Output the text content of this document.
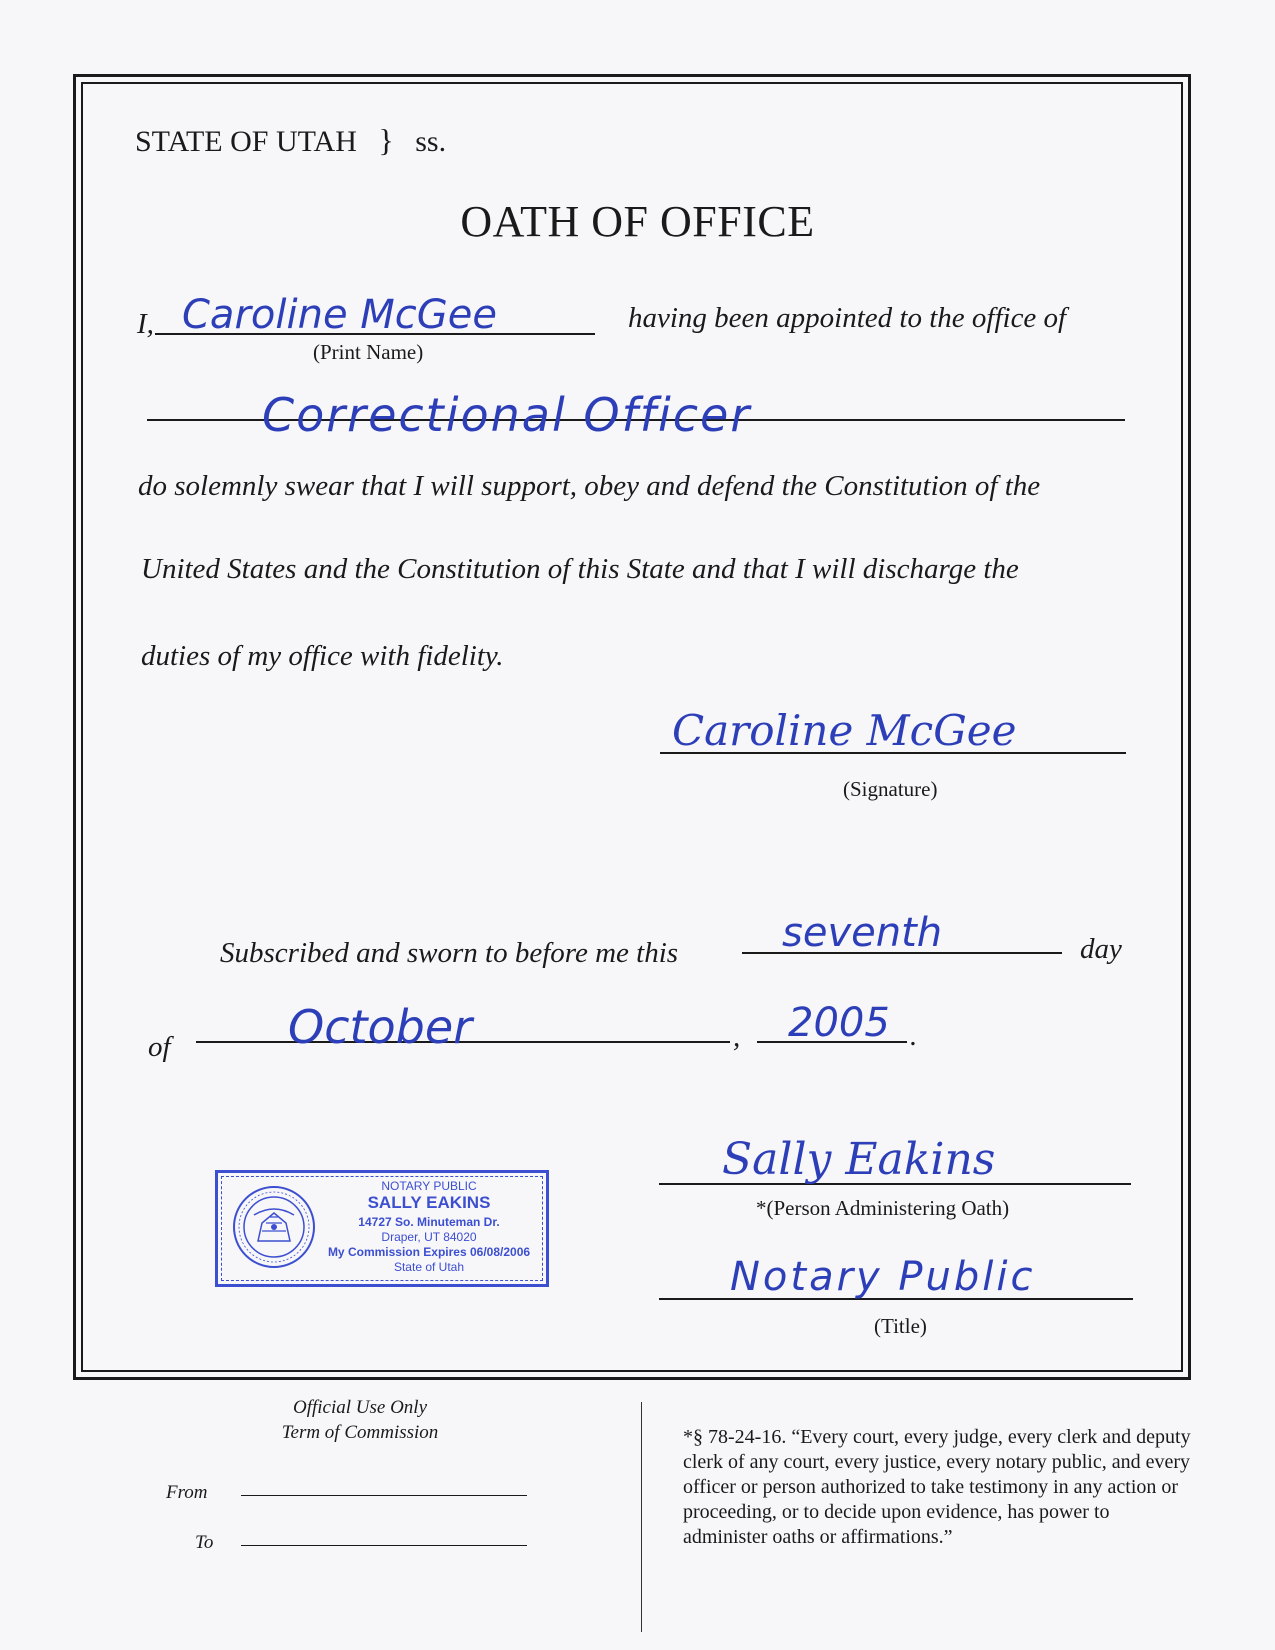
STATE OF UTAH } ss.
OATH OF OFFICE
I, Caroline McGee
(Print Name)
having been appointed to the office of
Correctional Officer
do solemnly swear that I will support, obey and defend the Constitution of the
United States and the Constitution of this State and that I will discharge the
duties of my office with fidelity.
Caroline McGee
(Signature)
Subscribed and sworn to before me this	seventh	day
of	October	, 2005 .
NOTARY PUBLIC
SALLY EAKINS
14727 So. Minuteman Dr.
Draper, UT 84020
My Commission Expires 06/08/2006
State of Utah
Sally Eakins
*(Person Administering Oath)
Notary Public
(Title)
Official Use Only
Term of Commission
From
To
*§ 78-24-16. “Every court, every judge, every clerk and deputy clerk of any court, every justice, every notary public, and every officer or person authorized to take testimony in any action or proceeding, or to decide upon evidence, has power to administer oaths or affirmations.”
